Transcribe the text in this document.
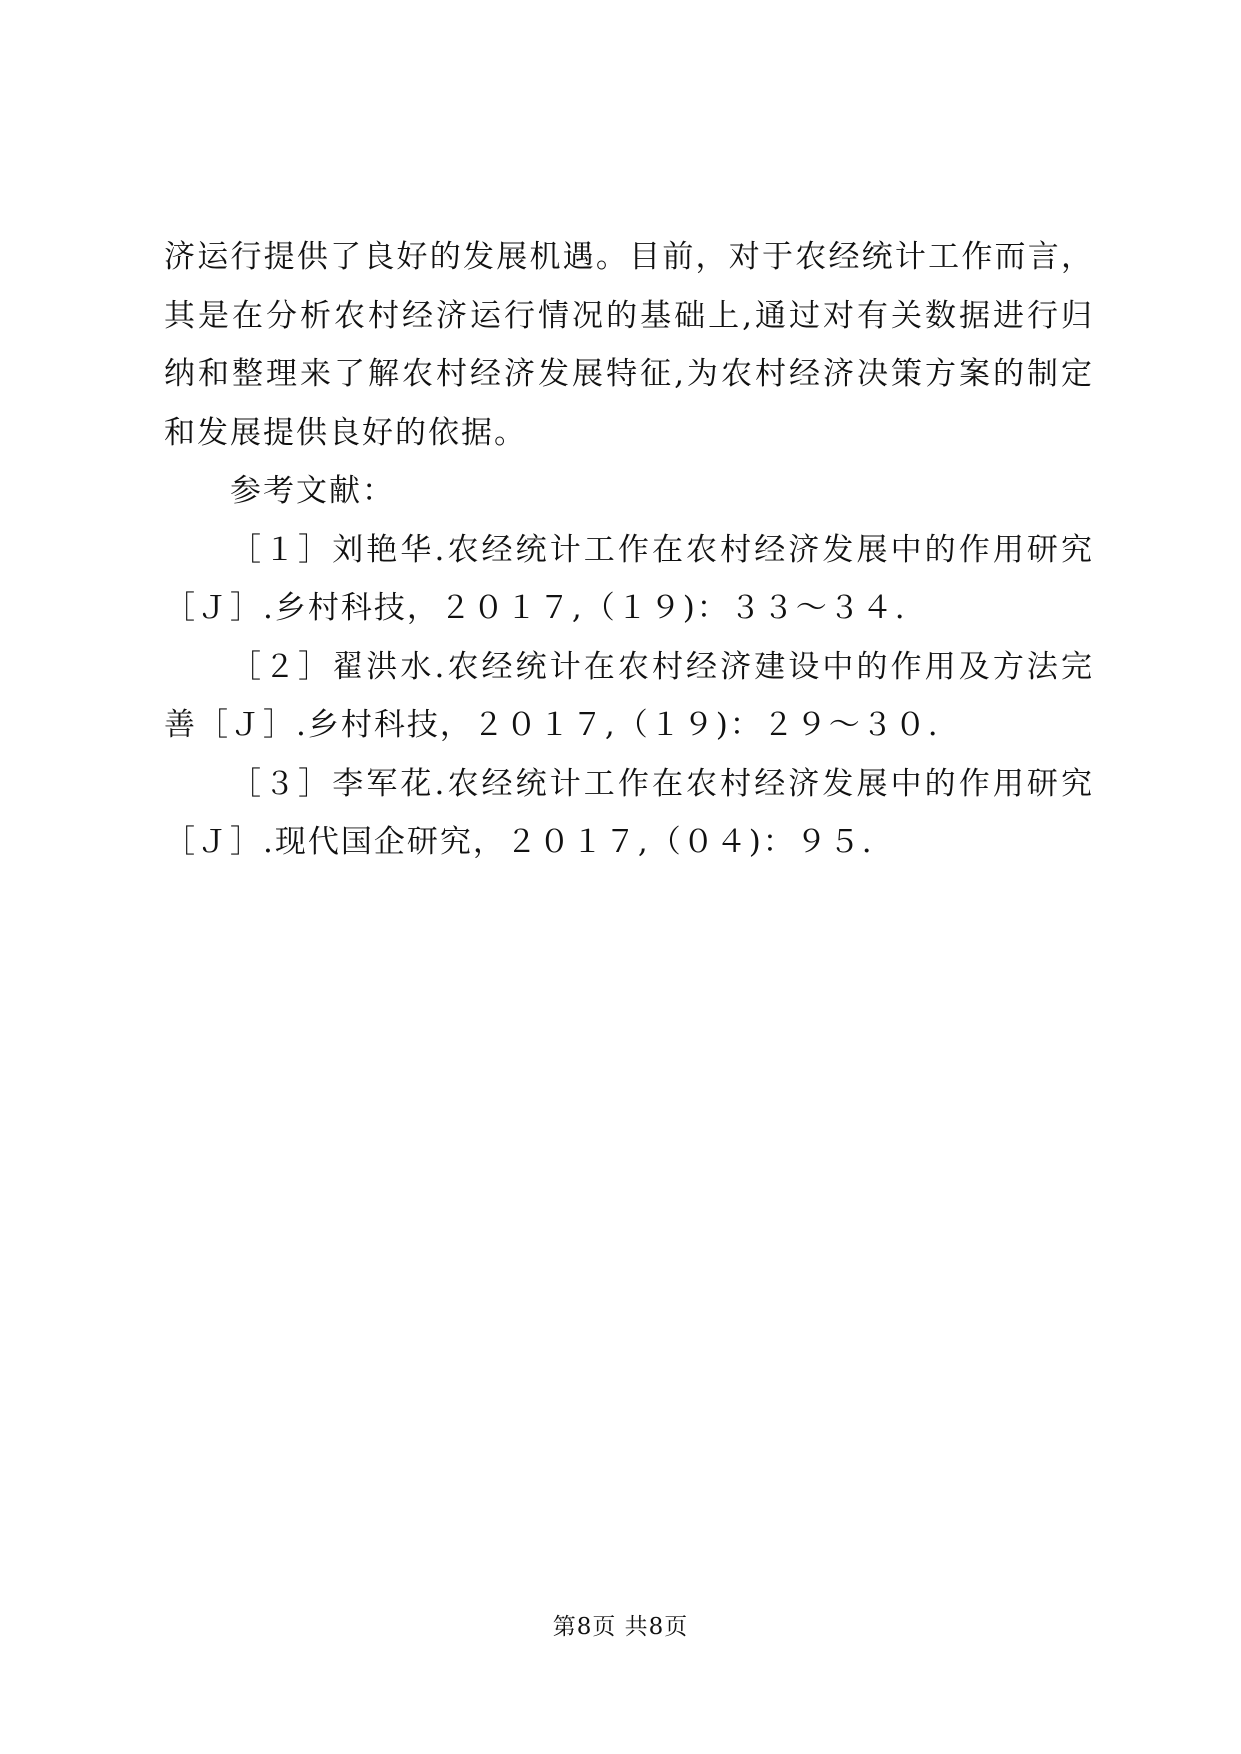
济运行提供了良好的发展机遇。目前，对于农经统计工作而言，
其是在分析农村经济运行情况的基础上,通过对有关数据进行归
纳和整理来了解农村经济发展特征,为农村经济决策方案的制定
和发展提供良好的依据。
参考文献：
［１］刘艳华.农经统计工作在农村经济发展中的作用研究
［Ｊ］.乡村科技，２０１７,（１９)：３３～３４.
［２］翟洪水.农经统计在农村经济建设中的作用及方法完
善［Ｊ］.乡村科技，２０１７,（１９)：２９～３０.
［３］李军花.农经统计工作在农村经济发展中的作用研究
［Ｊ］.现代国企研究，２０１７,（０４)：９５.
第8页 共8页
